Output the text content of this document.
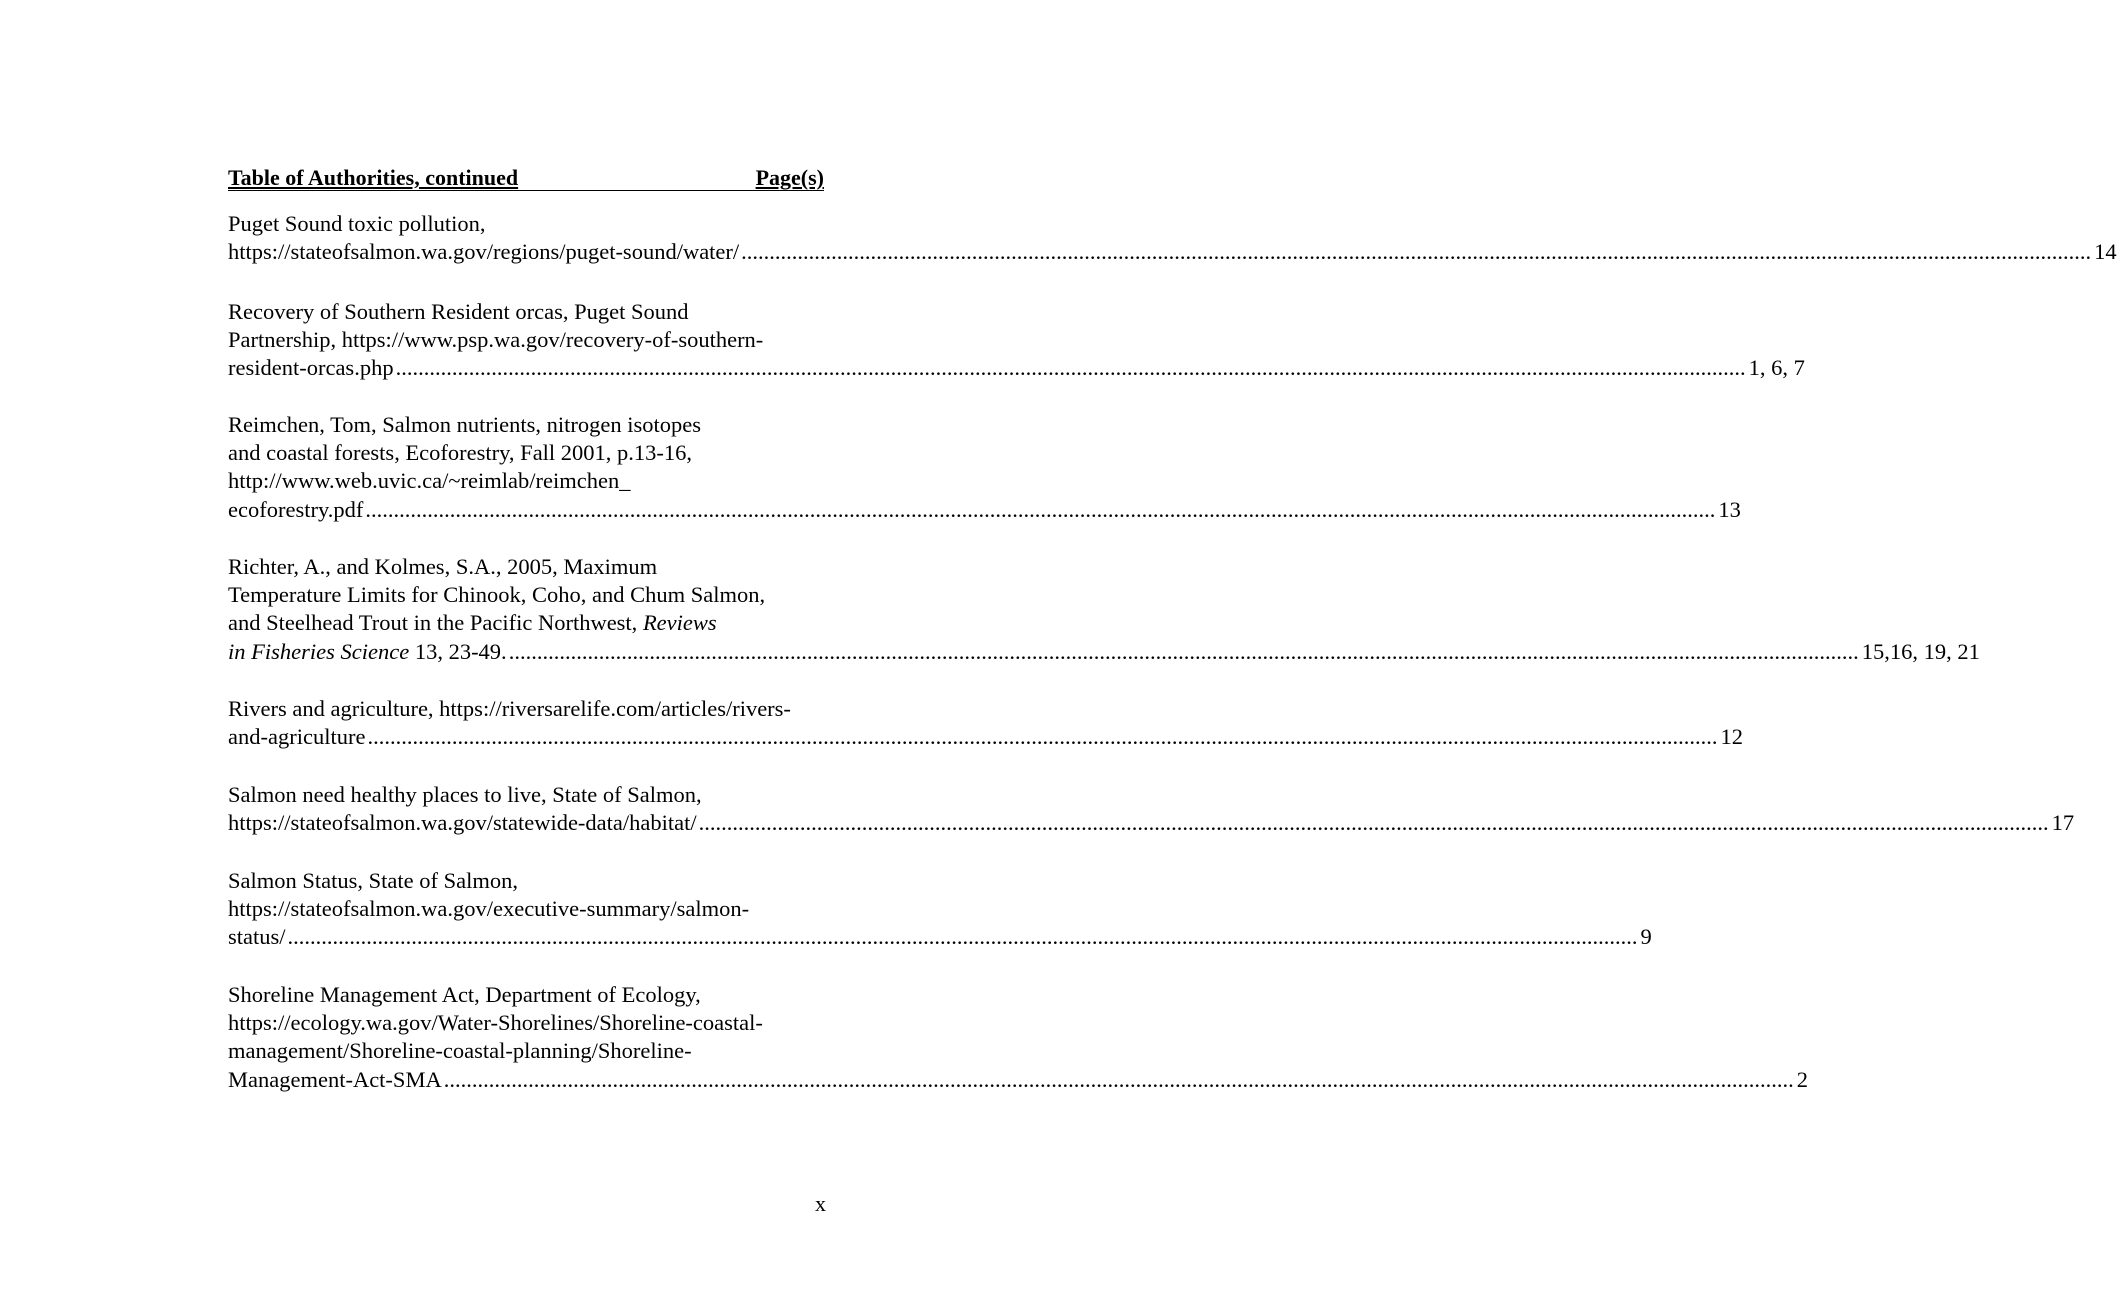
Table of Authorities, continued	Page(s)
Puget Sound toxic pollution,
https://stateofsalmon.wa.gov/regions/puget-sound/water/ ................................................................................................................................................................................................................................................ 14
Recovery of Southern Resident orcas, Puget Sound
Partnership, https://www.psp.wa.gov/recovery-of-southern-
resident-orcas.php ................................................................................................................................................................................................................................................ 1, 6, 7
Reimchen, Tom, Salmon nutrients, nitrogen isotopes
and coastal forests, Ecoforestry, Fall 2001, p.13-16,
http://www.web.uvic.ca/~reimlab/reimchen_
ecoforestry.pdf ................................................................................................................................................................................................................................................ 13
Richter, A., and Kolmes, S.A., 2005, Maximum
Temperature Limits for Chinook, Coho, and Chum Salmon,
and Steelhead Trout in the Pacific Northwest, Reviews
in Fisheries Science 13, 23-49. ................................................................................................................................................................................................................................................ 15,16, 19, 21
Rivers and agriculture, https://riversarelife.com/articles/rivers-
and-agriculture ................................................................................................................................................................................................................................................ 12
Salmon need healthy places to live, State of Salmon,
https://stateofsalmon.wa.gov/statewide-data/habitat/ ................................................................................................................................................................................................................................................ 17
Salmon Status, State of Salmon,
https://stateofsalmon.wa.gov/executive-summary/salmon-
status/ ................................................................................................................................................................................................................................................ 9
Shoreline Management Act, Department of Ecology,
https://ecology.wa.gov/Water-Shorelines/Shoreline-coastal-
management/Shoreline-coastal-planning/Shoreline-
Management-Act-SMA ................................................................................................................................................................................................................................................ 2
x
